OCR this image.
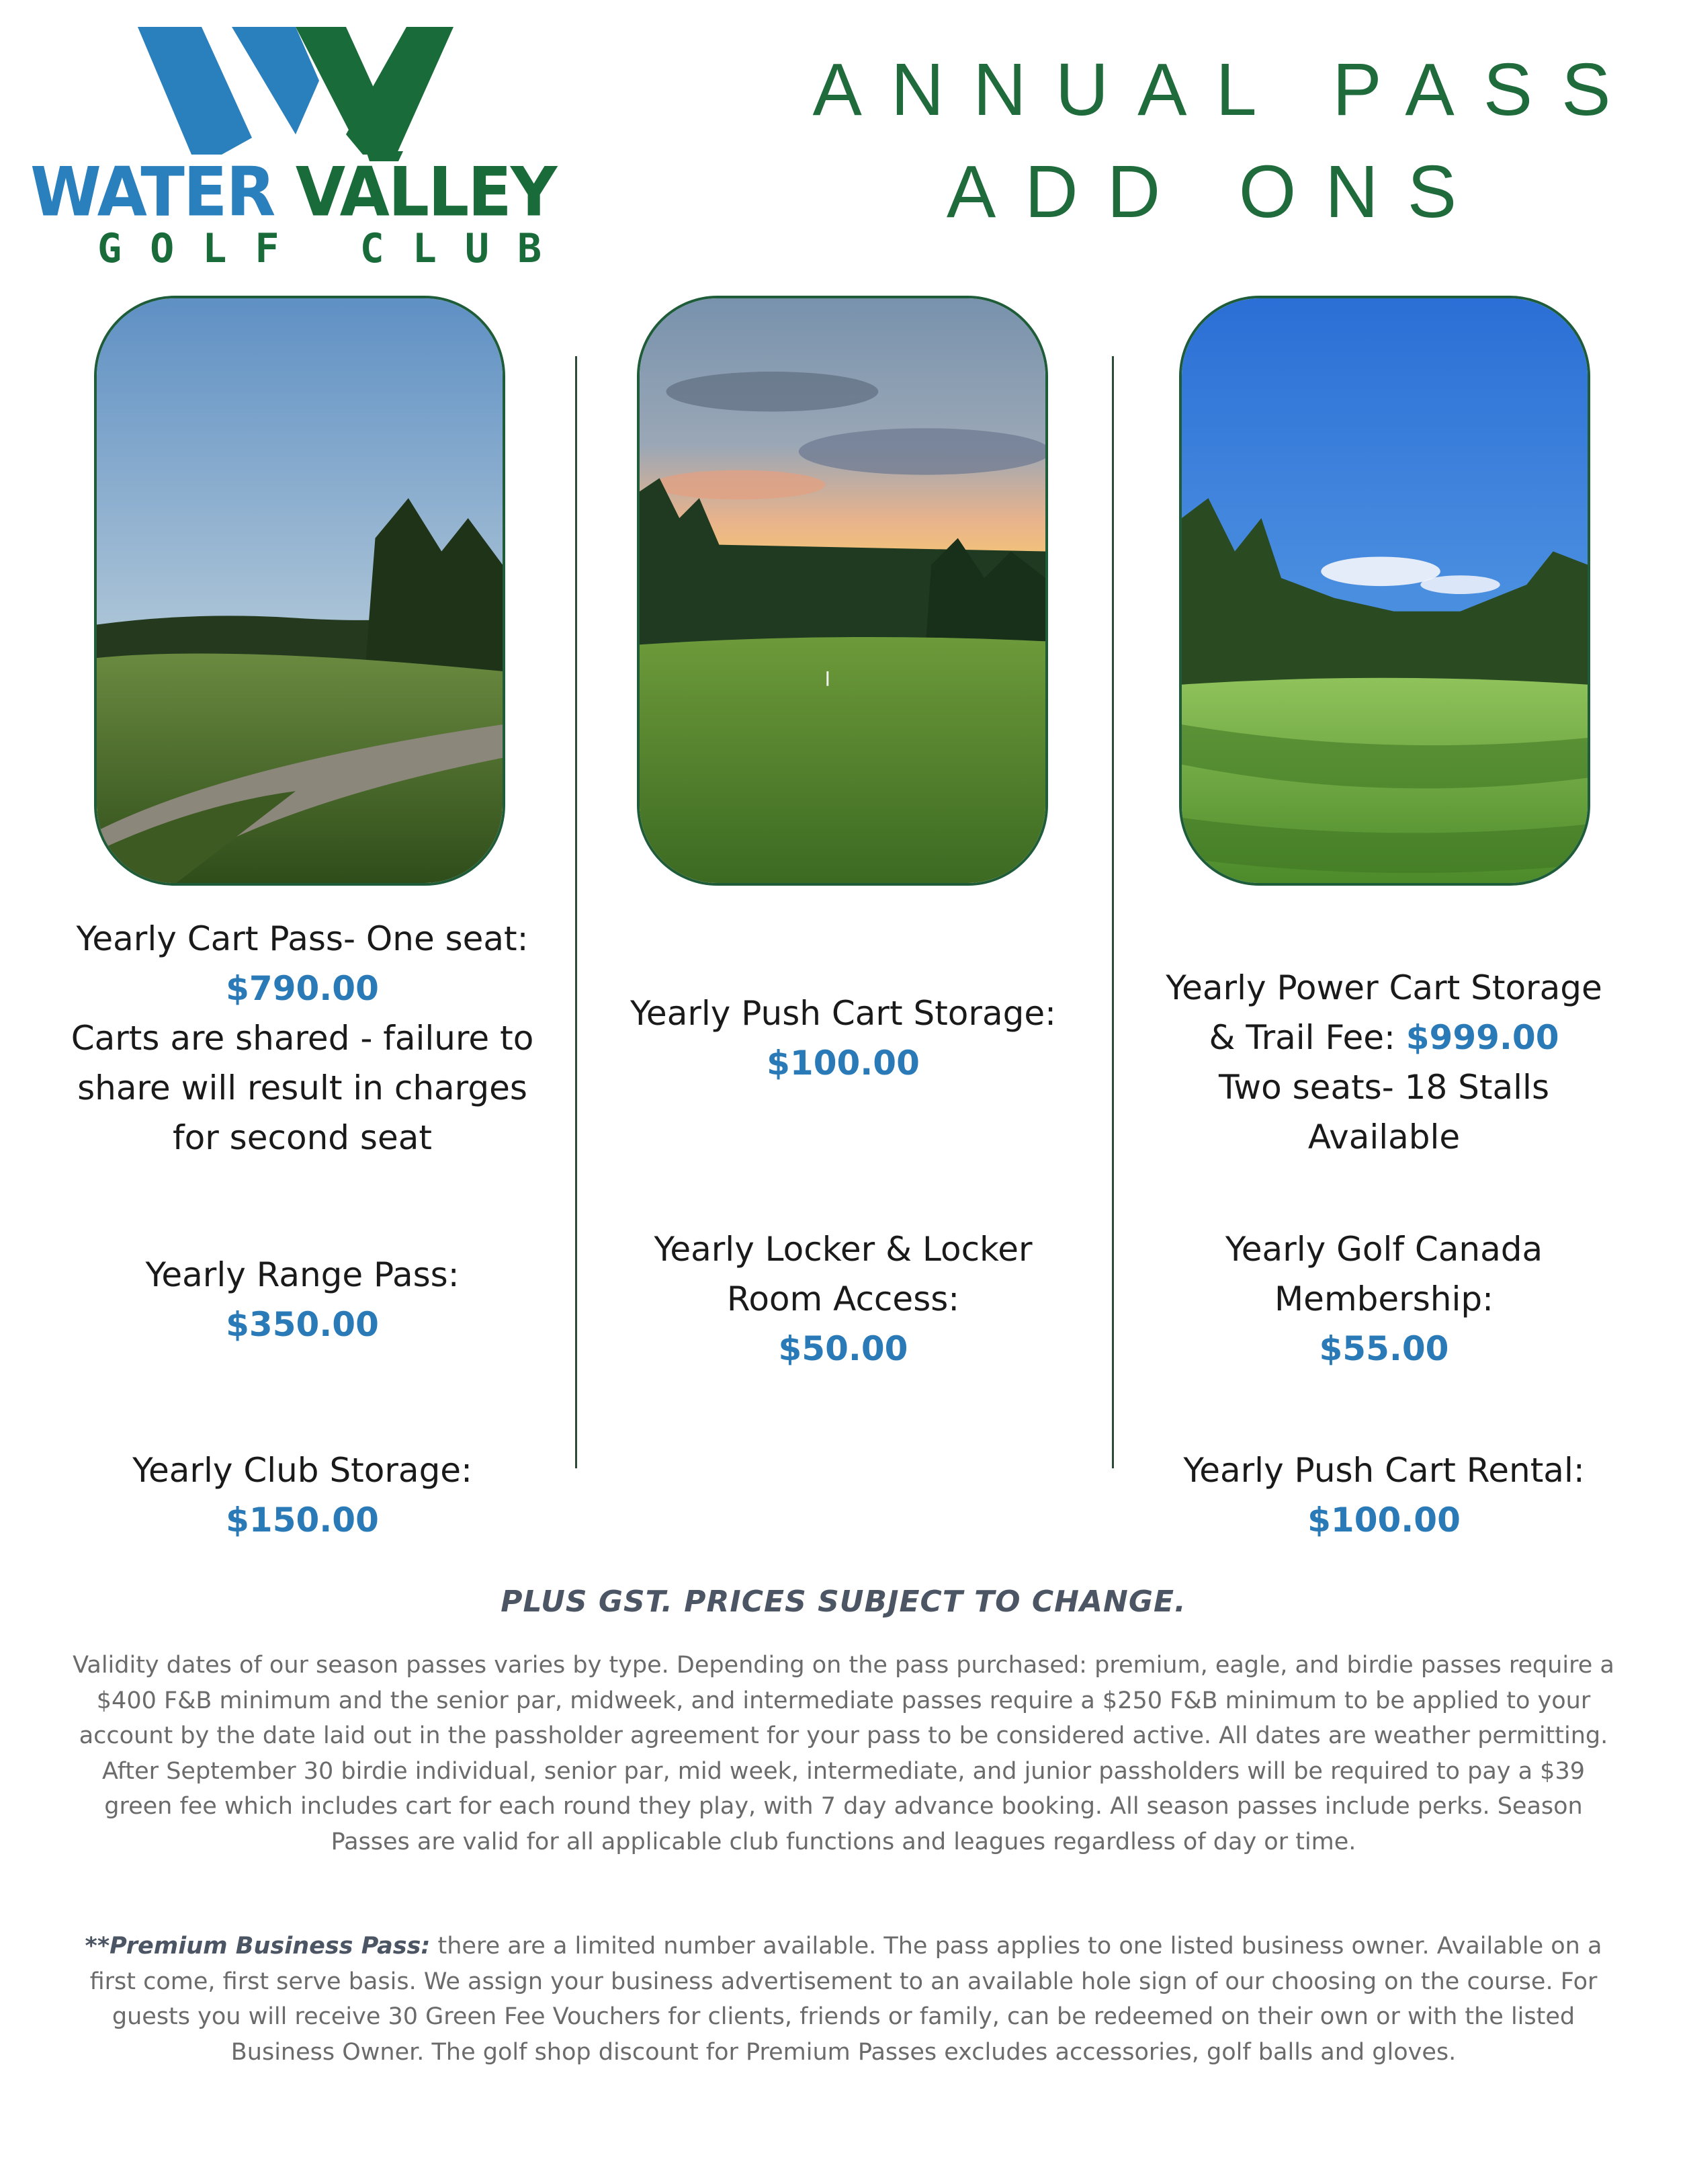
WATER VALLEY
GOLF CLUB
ANNUAL PASS
ADD ONS
Yearly Cart Pass- One seat:
$790.00
Carts are shared - failure to
share will result in charges
for second seat
Yearly Range Pass:
$350.00
Yearly Club Storage:
$150.00
Yearly Push Cart Storage:
$100.00
Yearly Locker & Locker
Room Access:
$50.00
Yearly Power Cart Storage
& Trail Fee: $999.00
Two seats- 18 Stalls
Available
Yearly Golf Canada
Membership:
$55.00
Yearly Push Cart Rental:
$100.00
PLUS GST. PRICES SUBJECT TO CHANGE.
Validity dates of our season passes varies by type. Depending on the pass purchased: premium, eagle, and birdie passes require a $400 F&B minimum and the senior par, midweek, and intermediate passes require a $250 F&B minimum to be applied to your account by the date laid out in the passholder agreement for your pass to be considered active. All dates are weather permitting. After September 30 birdie individual, senior par, mid week, intermediate, and junior passholders will be required to pay a $39 green fee which includes cart for each round they play, with 7 day advance booking. All season passes include perks. Season Passes are valid for all applicable club functions and leagues regardless of day or time.
**Premium Business Pass: there are a limited number available. The pass applies to one listed business owner. Available on a first come, first serve basis. We assign your business advertisement to an available hole sign of our choosing on the course. For guests you will receive 30 Green Fee Vouchers for clients, friends or family, can be redeemed on their own or with the listed Business Owner. The golf shop discount for Premium Passes excludes accessories, golf balls and gloves.
